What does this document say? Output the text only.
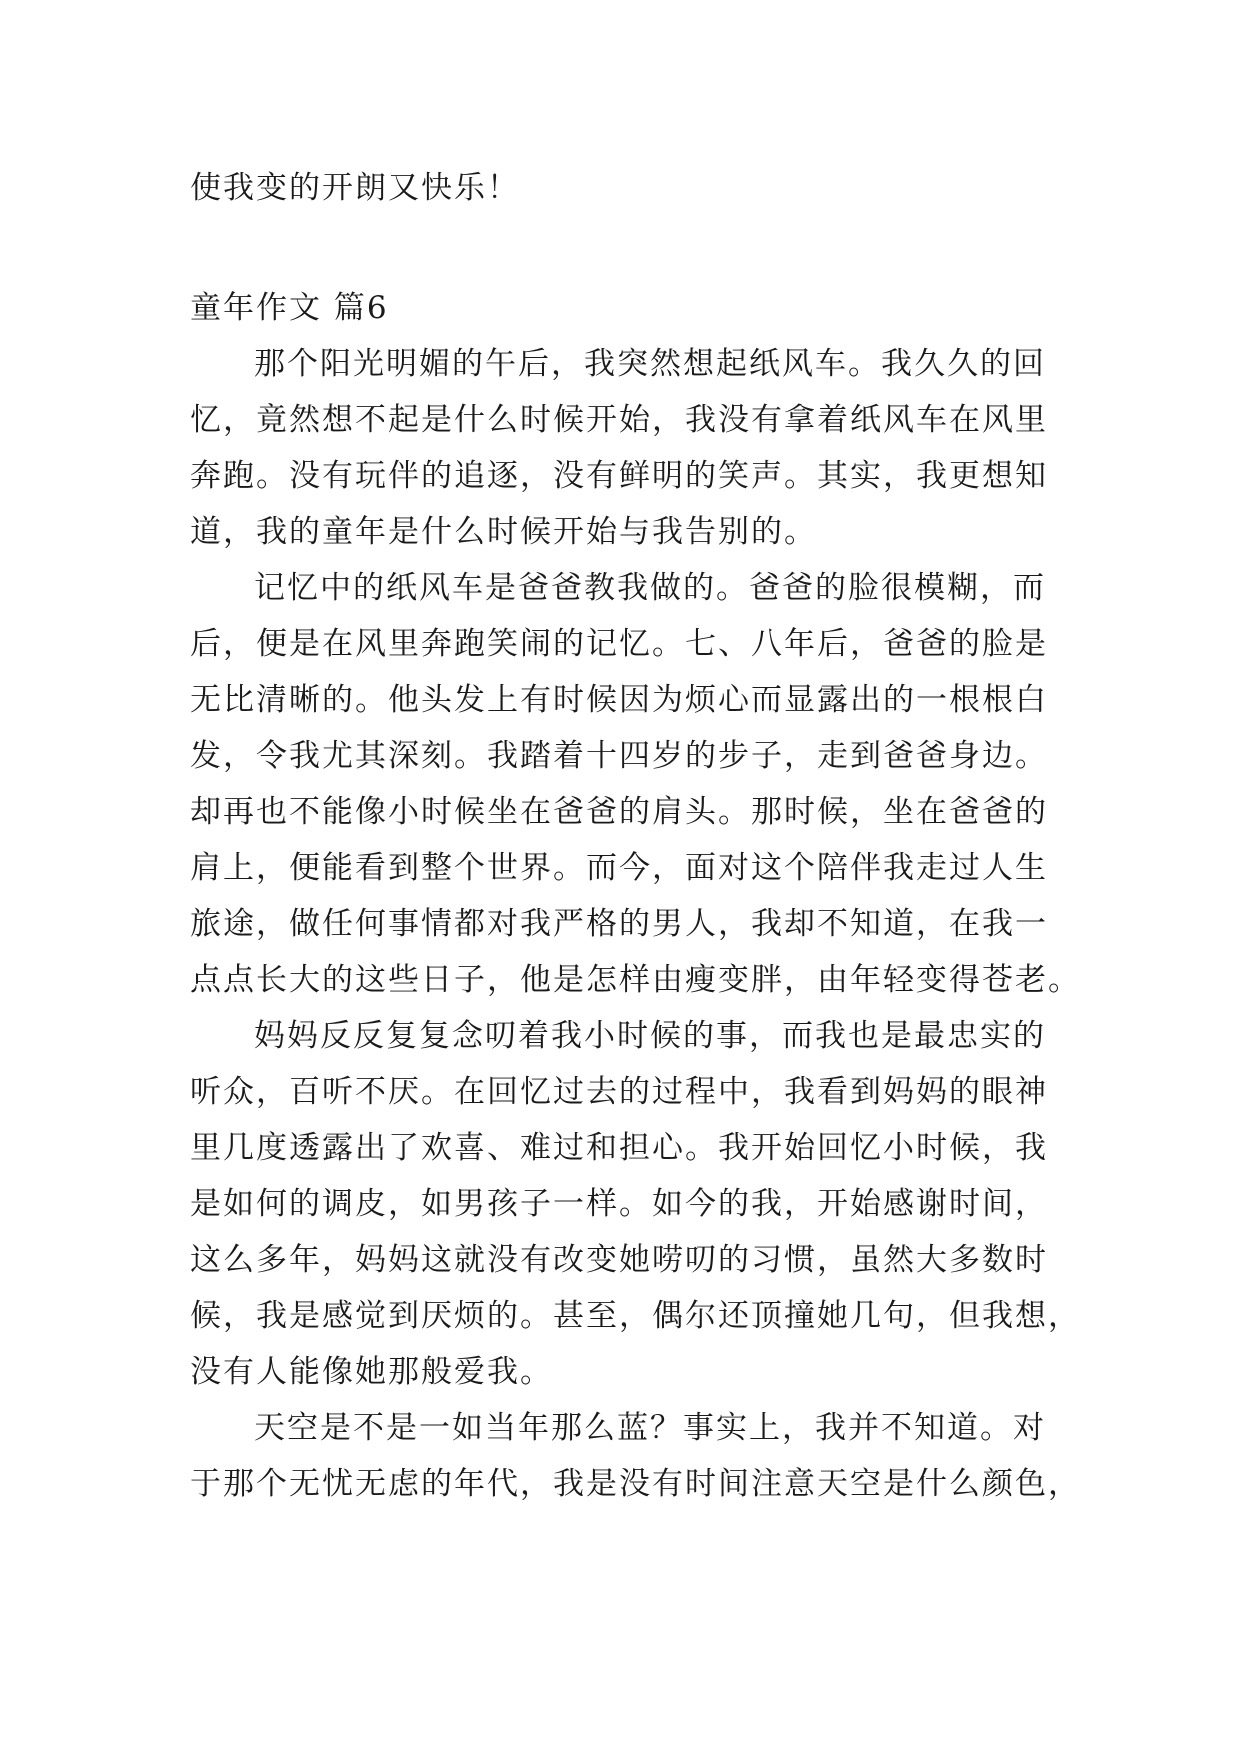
使我变的开朗又快乐！
童年作文 篇6
那个阳光明媚的午后，我突然想起纸风车。我久久的回
忆，竟然想不起是什么时候开始，我没有拿着纸风车在风里
奔跑。没有玩伴的追逐，没有鲜明的笑声。其实，我更想知
道，我的童年是什么时候开始与我告别的。
记忆中的纸风车是爸爸教我做的。爸爸的脸很模糊，而
后，便是在风里奔跑笑闹的记忆。七、八年后，爸爸的脸是
无比清晰的。他头发上有时候因为烦心而显露出的一根根白
发，令我尤其深刻。我踏着十四岁的步子，走到爸爸身边。
却再也不能像小时候坐在爸爸的肩头。那时候，坐在爸爸的
肩上，便能看到整个世界。而今，面对这个陪伴我走过人生
旅途，做任何事情都对我严格的男人，我却不知道，在我一
点点长大的这些日子，他是怎样由瘦变胖，由年轻变得苍老。
妈妈反反复复念叨着我小时候的事，而我也是最忠实的
听众，百听不厌。在回忆过去的过程中，我看到妈妈的眼神
里几度透露出了欢喜、难过和担心。我开始回忆小时候，我
是如何的调皮，如男孩子一样。如今的我，开始感谢时间，
这么多年，妈妈这就没有改变她唠叨的习惯，虽然大多数时
候，我是感觉到厌烦的。甚至，偶尔还顶撞她几句，但我想，
没有人能像她那般爱我。
天空是不是一如当年那么蓝？事实上，我并不知道。对
于那个无忧无虑的年代，我是没有时间注意天空是什么颜色，
